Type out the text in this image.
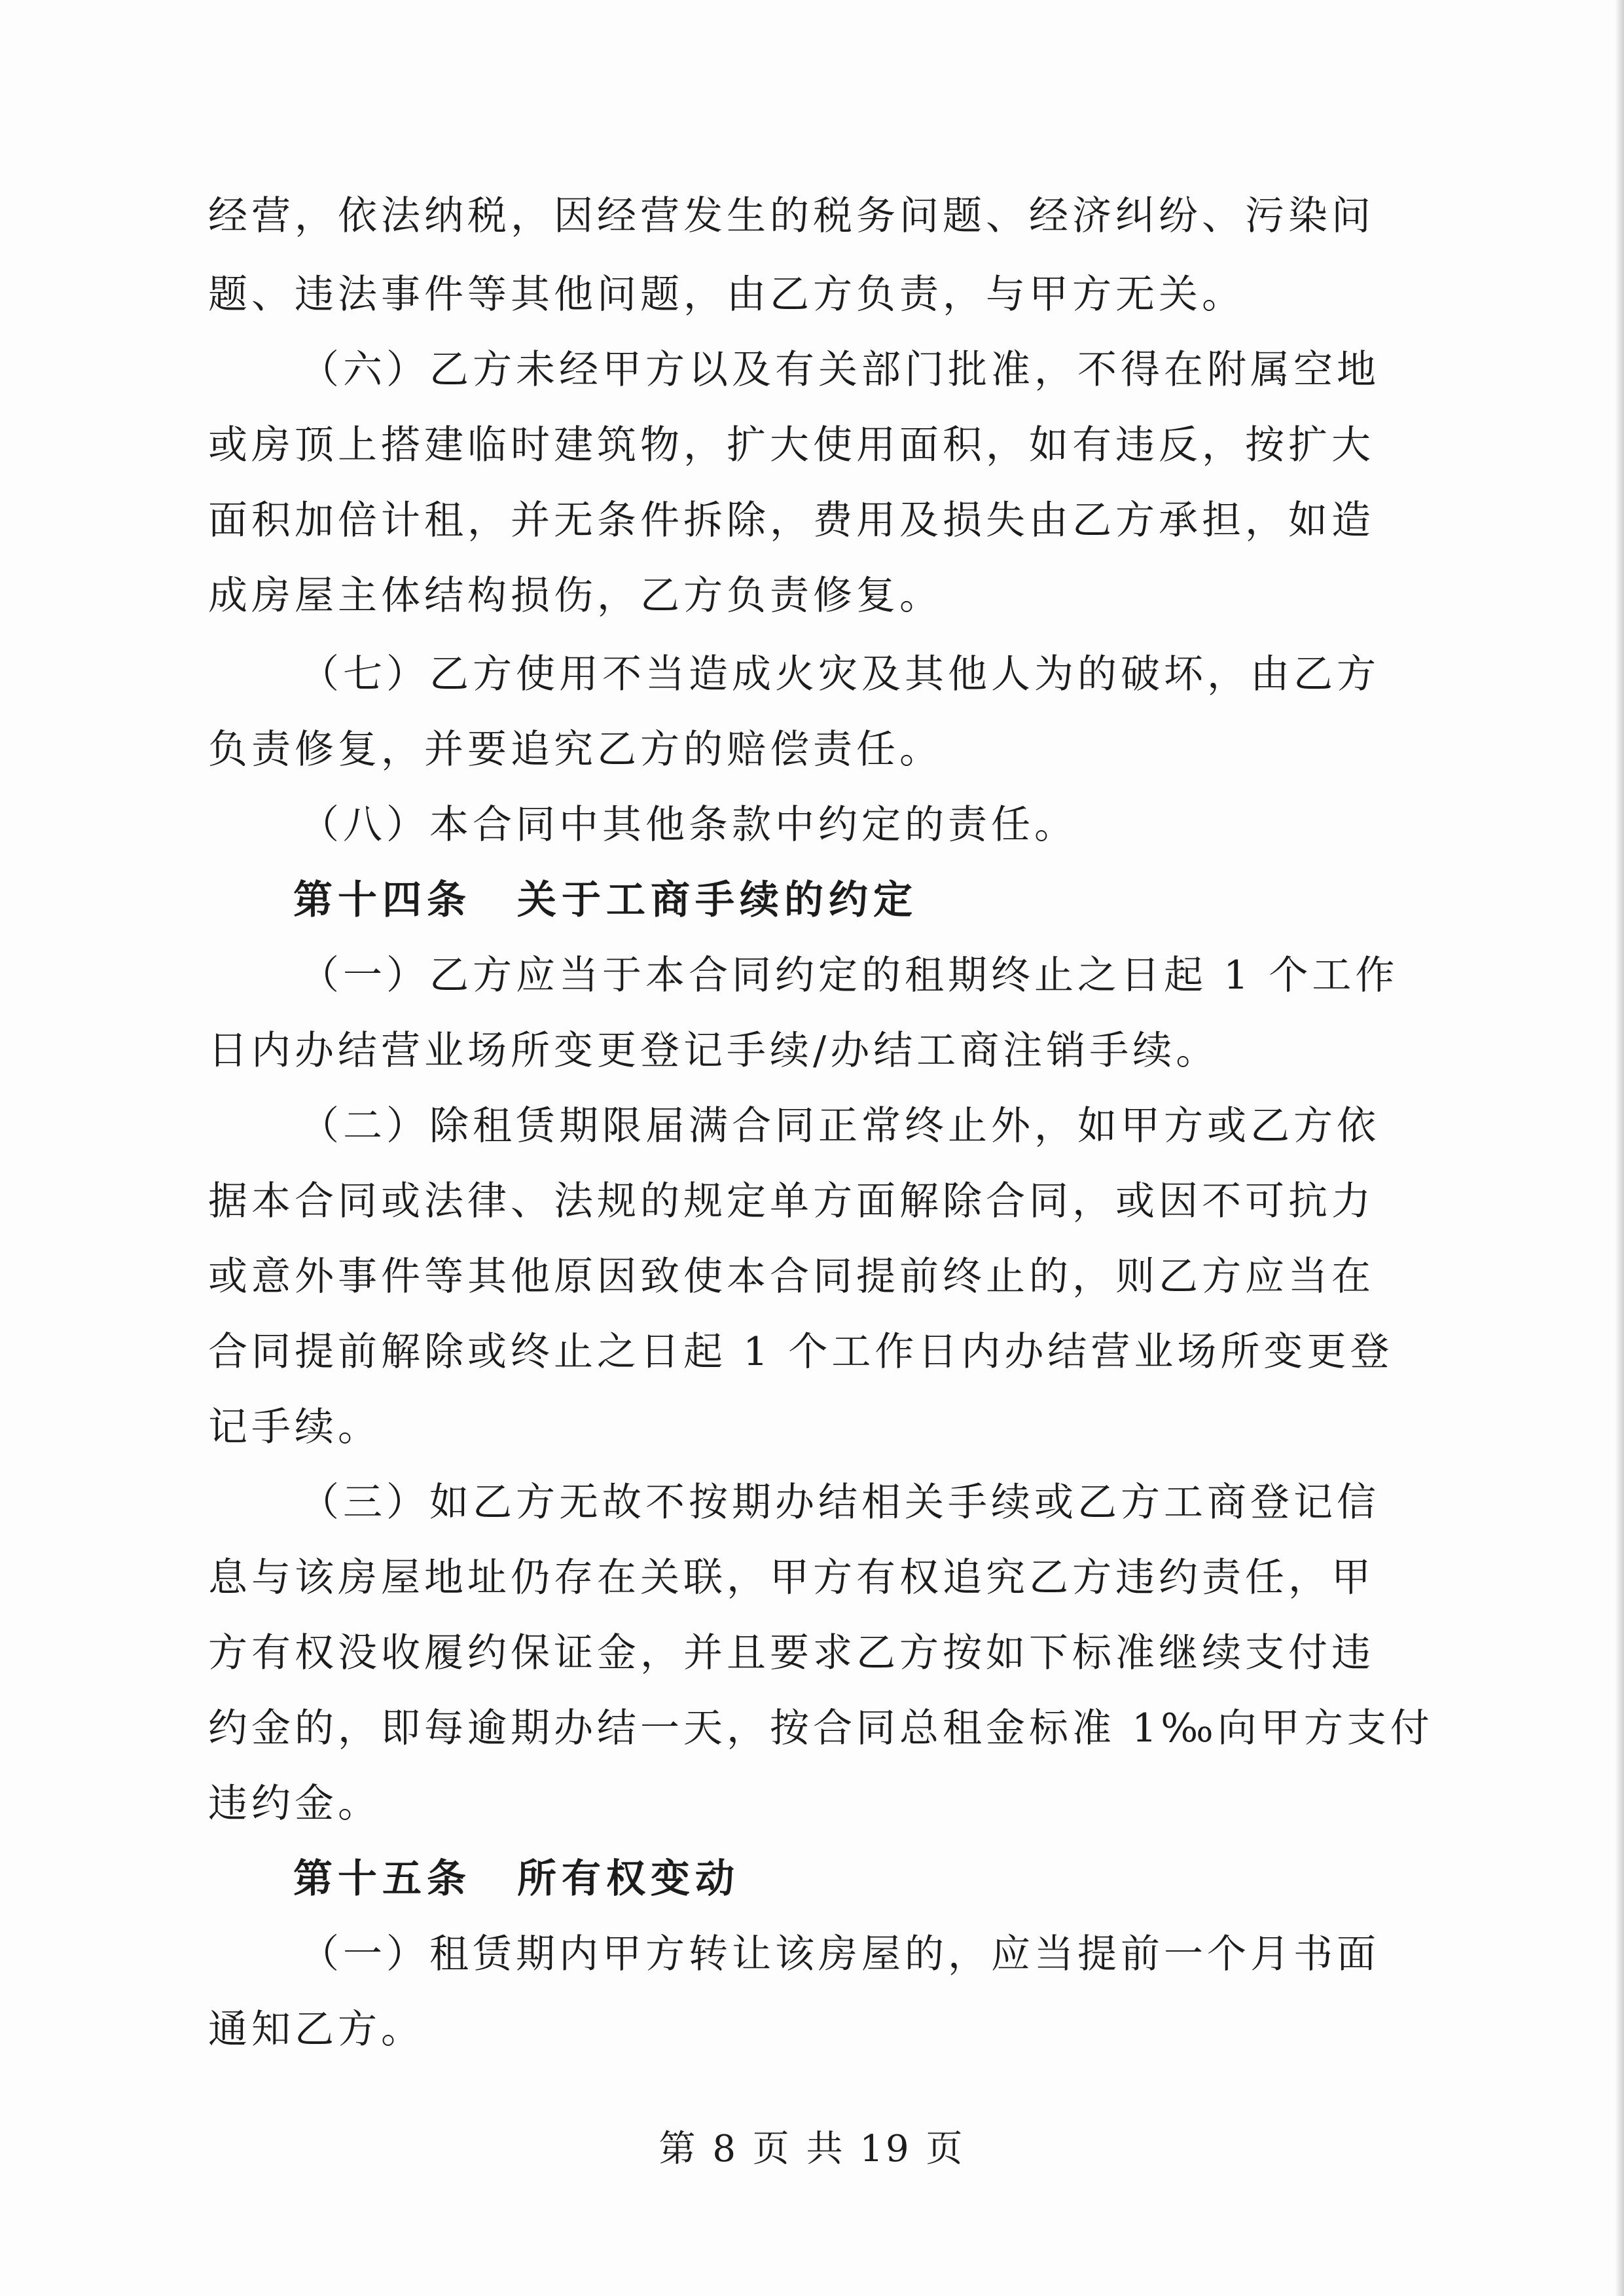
经营，依法纳税，因经营发生的税务问题、经济纠纷、污染问
题、违法事件等其他问题，由乙方负责，与甲方无关。
（六）乙方未经甲方以及有关部门批准，不得在附属空地
或房顶上搭建临时建筑物，扩大使用面积，如有违反，按扩大
面积加倍计租，并无条件拆除，费用及损失由乙方承担，如造
成房屋主体结构损伤，乙方负责修复。
（七）乙方使用不当造成火灾及其他人为的破坏，由乙方
负责修复，并要追究乙方的赔偿责任。
（八）本合同中其他条款中约定的责任。
第十四条 关于工商手续的约定
（一）乙方应当于本合同约定的租期终止之日起 1 个工作
日内办结营业场所变更登记手续/办结工商注销手续。
（二）除租赁期限届满合同正常终止外，如甲方或乙方依
据本合同或法律、法规的规定单方面解除合同，或因不可抗力
或意外事件等其他原因致使本合同提前终止的，则乙方应当在
合同提前解除或终止之日起 1 个工作日内办结营业场所变更登
记手续。
（三）如乙方无故不按期办结相关手续或乙方工商登记信
息与该房屋地址仍存在关联，甲方有权追究乙方违约责任，甲
方有权没收履约保证金，并且要求乙方按如下标准继续支付违
约金的，即每逾期办结一天，按合同总租金标准 1‰向甲方支付
违约金。
第十五条 所有权变动
（一）租赁期内甲方转让该房屋的，应当提前一个月书面
通知乙方。
第 8 页 共 19 页
